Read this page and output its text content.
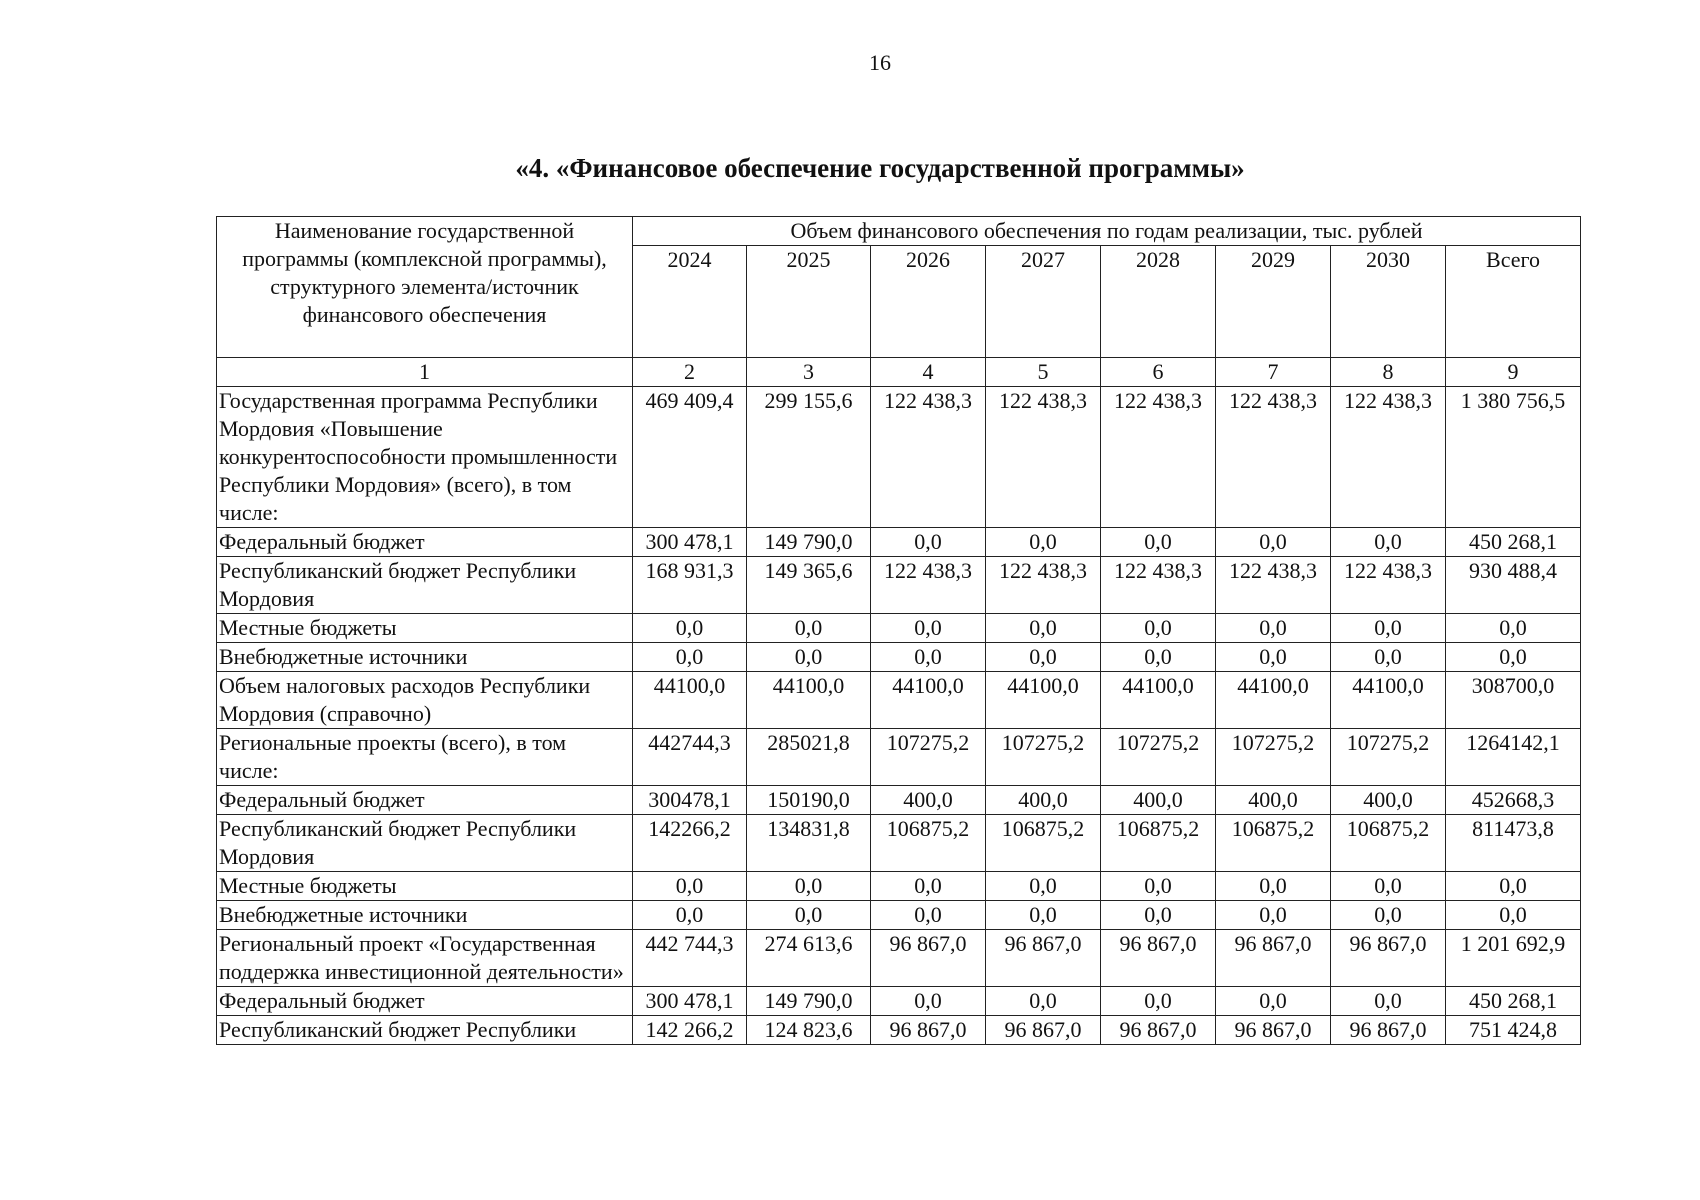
16
«4. «Финансовое обеспечение государственной программы»
Наименование государственной программы (комплексной программы), структурного элемента/источник финансового обеспечения	Объем финансового обеспечения по годам реализации, тыс. рублей							
	2024	2025	2026	2027	2028	2029	2030	Всего
1	2	3	4	5	6	7	8	9
Государственная программа Республики Мордовия «Повышение конкурентоспособности промышленности Республики Мордовия» (всего), в том числе:	469 409,4	299 155,6	122 438,3	122 438,3	122 438,3	122 438,3	122 438,3	1 380 756,5
Федеральный бюджет	300 478,1	149 790,0	0,0	0,0	0,0	0,0	0,0	450 268,1
Республиканский бюджет Республики Мордовия	168 931,3	149 365,6	122 438,3	122 438,3	122 438,3	122 438,3	122 438,3	930 488,4
Местные бюджеты	0,0	0,0	0,0	0,0	0,0	0,0	0,0	0,0
Внебюджетные источники	0,0	0,0	0,0	0,0	0,0	0,0	0,0	0,0
Объем налоговых расходов Республики Мордовия (справочно)	44100,0	44100,0	44100,0	44100,0	44100,0	44100,0	44100,0	308700,0
Региональные проекты (всего), в том числе:	442744,3	285021,8	107275,2	107275,2	107275,2	107275,2	107275,2	1264142,1
Федеральный бюджет	300478,1	150190,0	400,0	400,0	400,0	400,0	400,0	452668,3
Республиканский бюджет Республики Мордовия	142266,2	134831,8	106875,2	106875,2	106875,2	106875,2	106875,2	811473,8
Местные бюджеты	0,0	0,0	0,0	0,0	0,0	0,0	0,0	0,0
Внебюджетные источники	0,0	0,0	0,0	0,0	0,0	0,0	0,0	0,0
Региональный проект «Государственная поддержка инвестиционной деятельности»	442 744,3	274 613,6	96 867,0	96 867,0	96 867,0	96 867,0	96 867,0	1 201 692,9
Федеральный бюджет	300 478,1	149 790,0	0,0	0,0	0,0	0,0	0,0	450 268,1
Республиканский бюджет Республики	142 266,2	124 823,6	96 867,0	96 867,0	96 867,0	96 867,0	96 867,0	751 424,8
